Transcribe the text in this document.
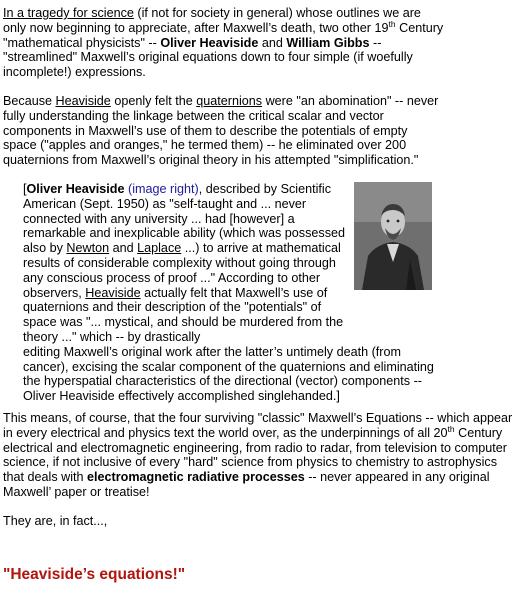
In a tragedy for science (if not for society in general) whose outlines we are only now beginning to appreciate, after Maxwell’s death, two other 19th Century "mathematical physicists" -- Oliver Heaviside and William Gibbs -- "streamlined" Maxwell’s original equations down to four simple (if woefully incomplete!) expressions.

Because Heaviside openly felt the quaternions were "an abomination" -- never fully understanding the linkage between the critical scalar and vector components in Maxwell’s use of them to describe the potentials of empty space ("apples and oranges," he termed them) -- he eliminated over 200 quaternions from Maxwell’s original theory in his attempted "simplification."

[Oliver Heaviside (image right), described by Scientific American (Sept. 1950) as "self-taught and ... never connected with any university ... had [however] a remarkable and inexplicable ability (which was possessed also by Newton and Laplace ...) to arrive at mathematical results of considerable complexity without going through any conscious process of proof ..." According to other observers, Heaviside actually felt that Maxwell’s use of quaternions and their description of the "potentials" of space was "... mystical, and should be murdered from the theory ..." which -- by drastically

editing Maxwell’s original work after the latter’s untimely death (from cancer), excising the scalar component of the quaternions and eliminating the hyperspatial characteristics of the directional (vector) components -- Oliver Heaviside effectively accomplished singlehanded.]

This means, of course, that the four surviving "classic" Maxwell’s Equations -- which appear
in every electrical and physics text the world over, as the underpinnings of all 20th Century
electrical and electromagnetic engineering, from radio to radar, from television to computer
science, if not inclusive of every "hard" science from physics to chemistry to astrophysics
that deals with electromagnetic radiative processes -- never appeared in any original
Maxwell’ paper or treatise!

They are, in fact...,

"Heaviside’s equations!"
